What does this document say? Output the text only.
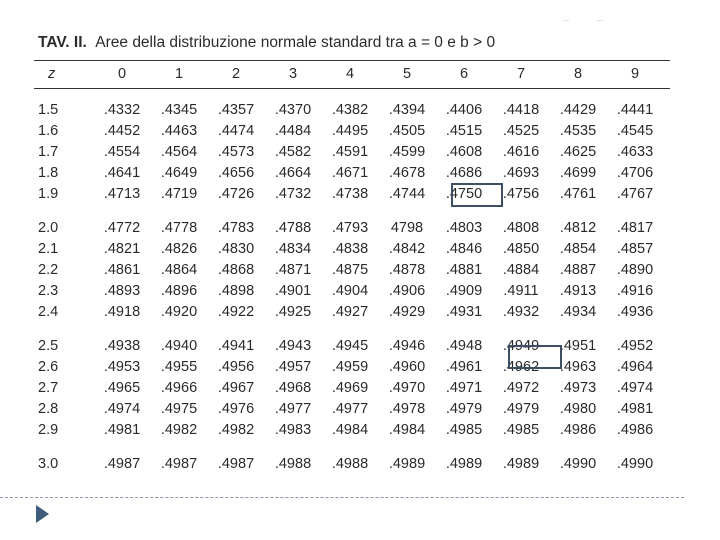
…	…
TAV. II. Aree della distribuzione normale standard tra a = 0 e b > 0
z	0	1	2	3	4	5	6	7	8	9
1.5	.4332	.4345	.4357	.4370	.4382	.4394	.4406	.4418	.4429	.4441
1.6	.4452	.4463	.4474	.4484	.4495	.4505	.4515	.4525	.4535	.4545
1.7	.4554	.4564	.4573	.4582	.4591	.4599	.4608	.4616	.4625	.4633
1.8	.4641	.4649	.4656	.4664	.4671	.4678	.4686	.4693	.4699	.4706
1.9	.4713	.4719	.4726	.4732	.4738	.4744	.4750	.4756	.4761	.4767
2.0	.4772	.4778	.4783	.4788	.4793	4798	.4803	.4808	.4812	.4817
2.1	.4821	.4826	.4830	.4834	.4838	.4842	.4846	.4850	.4854	.4857
2.2	.4861	.4864	.4868	.4871	.4875	.4878	.4881	.4884	.4887	.4890
2.3	.4893	.4896	.4898	.4901	.4904	.4906	.4909	.4911	.4913	.4916
2.4	.4918	.4920	.4922	.4925	.4927	.4929	.4931	.4932	.4934	.4936
2.5	.4938	.4940	.4941	.4943	.4945	.4946	.4948	.4949	.4951	.4952
2.6	.4953	.4955	.4956	.4957	.4959	.4960	.4961	.4962	.4963	.4964
2.7	.4965	.4966	.4967	.4968	.4969	.4970	.4971	.4972	.4973	.4974
2.8	.4974	.4975	.4976	.4977	.4977	.4978	.4979	.4979	.4980	.4981
2.9	.4981	.4982	.4982	.4983	.4984	.4984	.4985	.4985	.4986	.4986
3.0	.4987	.4987	.4987	.4988	.4988	.4989	.4989	.4989	.4990	.4990
